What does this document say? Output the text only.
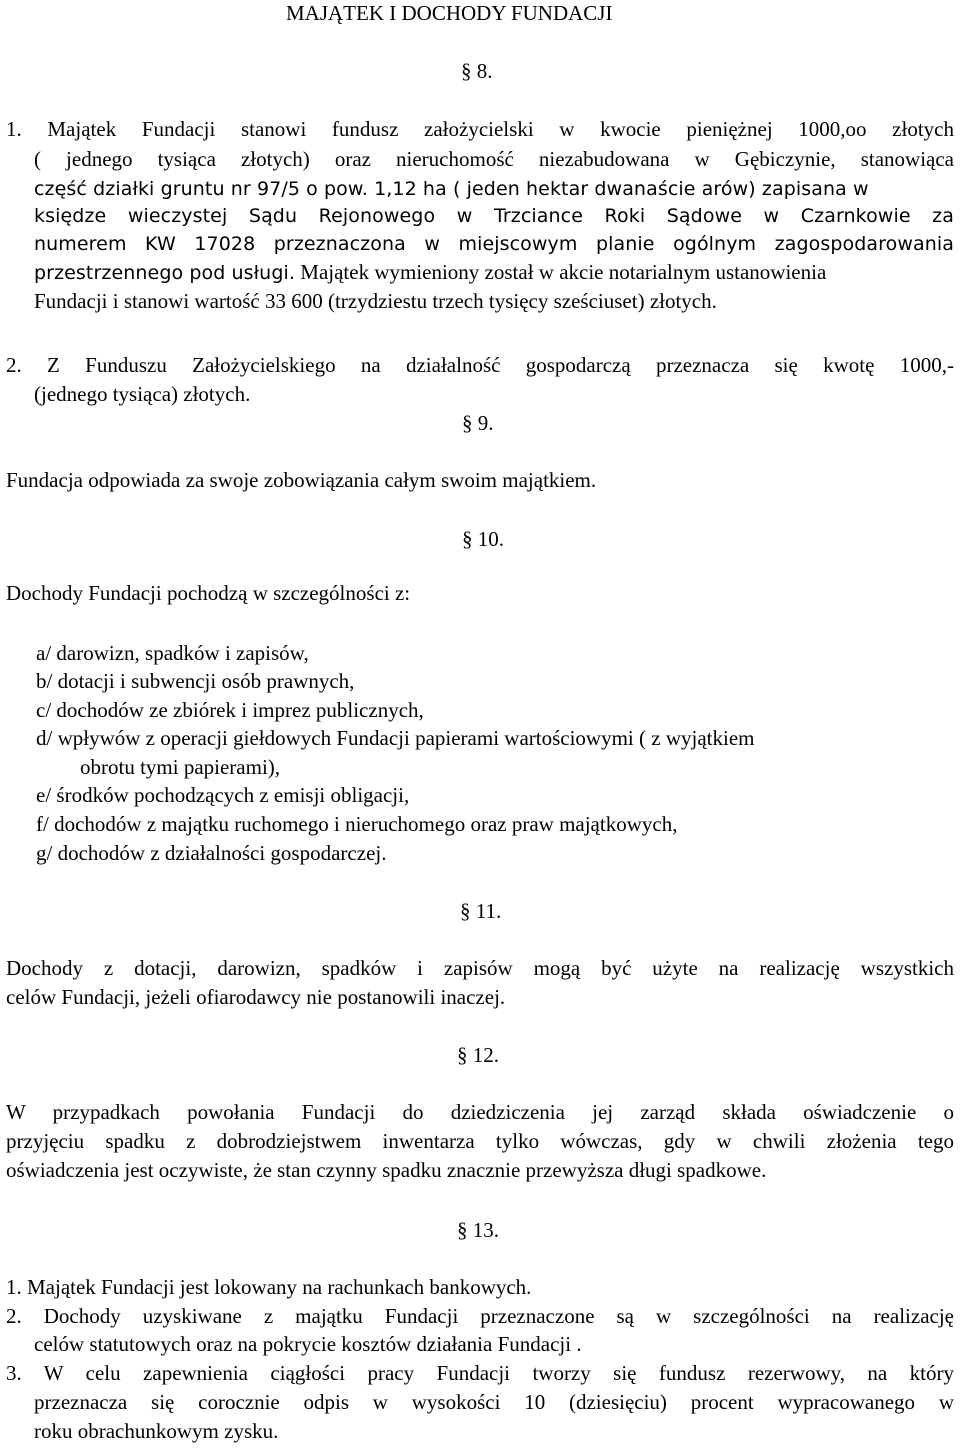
MAJĄTEK I DOCHODY FUNDACJI
§ 8.
1. Majątek Fundacji stanowi fundusz założycielski w kwocie pieniężnej 1000,oo złotych
( jednego tysiąca złotych) oraz nieruchomość niezabudowana w Gębiczynie, stanowiąca
część działki gruntu nr 97/5 o pow. 1,12 ha ( jeden hektar dwanaście arów) zapisana w
księdze wieczystej Sądu Rejonowego w Trzciance Roki Sądowe w Czarnkowie za
numerem KW 17028 przeznaczona w miejscowym planie ogólnym zagospodarowania
przestrzennego pod usługi. Majątek wymieniony został w akcie notarialnym ustanowienia
Fundacji i stanowi wartość 33 600 (trzydziestu trzech tysięcy sześciuset) złotych.
2. Z Funduszu Założycielskiego na działalność gospodarczą przeznacza się kwotę 1000,-
(jednego tysiąca) złotych.
§ 9.
Fundacja odpowiada za swoje zobowiązania całym swoim majątkiem.
§ 10.
Dochody Fundacji pochodzą w szczególności z:
a/ darowizn, spadków i zapisów,
b/ dotacji i subwencji osób prawnych,
c/ dochodów ze zbiórek i imprez publicznych,
d/ wpływów z operacji giełdowych Fundacji papierami wartościowymi ( z wyjątkiem
obrotu tymi papierami),
e/ środków pochodzących z emisji obligacji,
f/ dochodów z majątku ruchomego i nieruchomego oraz praw majątkowych,
g/ dochodów z działalności gospodarczej.
§ 11.
Dochody z dotacji, darowizn, spadków i zapisów mogą być użyte na realizację wszystkich
celów Fundacji, jeżeli ofiarodawcy nie postanowili inaczej.
§ 12.
W przypadkach powołania Fundacji do dziedziczenia jej zarząd składa oświadczenie o
przyjęciu spadku z dobrodziejstwem inwentarza tylko wówczas, gdy w chwili złożenia tego
oświadczenia jest oczywiste, że stan czynny spadku znacznie przewyższa długi spadkowe.
§ 13.
1. Majątek Fundacji jest lokowany na rachunkach bankowych.
2. Dochody uzyskiwane z majątku Fundacji przeznaczone są w szczególności na realizację
celów statutowych oraz na pokrycie kosztów działania Fundacji .
3. W celu zapewnienia ciągłości pracy Fundacji tworzy się fundusz rezerwowy, na który
przeznacza się corocznie odpis w wysokości 10 (dziesięciu) procent wypracowanego w
roku obrachunkowym zysku.
